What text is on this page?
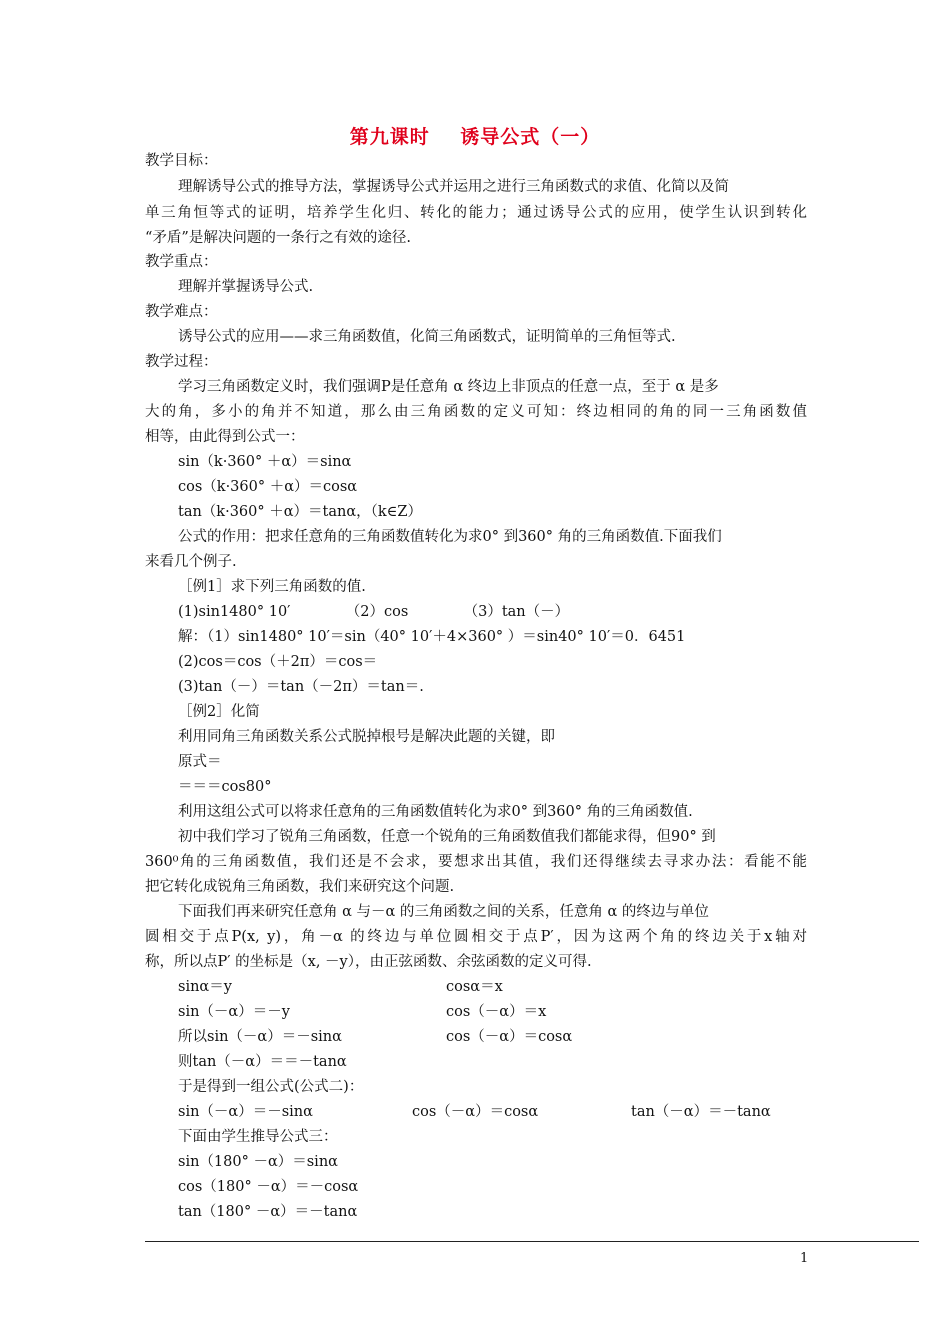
第九课时    诱导公式（一）
教学目标：
理解诱导公式的推导方法，掌握诱导公式并运用之进行三角函数式的求值、化简以及简
单三角恒等式的证明，培养学生化归、转化的能力；通过诱导公式的应用，使学生认识到转化
“矛盾”是解决问题的一条行之有效的途径.
教学重点：
理解并掌握诱导公式.
教学难点：
诱导公式的应用——求三角函数值，化简三角函数式，证明简单的三角恒等式.
教学过程：
学习三角函数定义时，我们强调P是任意角 α 终边上非顶点的任意一点，至于 α 是多
大的角，多小的角并不知道，那么由三角函数的定义可知：终边相同的角的同一三角函数值
相等，由此得到公式一：
sin（k·360° ＋α）＝sinα
cos（k·360° ＋α）＝cosα
tan（k·360° ＋α）＝tanα，（k∈Z）
公式的作用：把求任意角的三角函数值转化为求0° 到360° 角的三角函数值.下面我们
来看几个例子.
［例1］求下列三角函数的值.
(1)sin1480° 10′            （2）cos            （3）tan（－）
解：（1）sin1480° 10′＝sin（40° 10′＋4×360° ）＝sin40° 10′＝0．6451
(2)cos＝cos（＋2π）＝cos＝
(3)tan（－）＝tan（－2π）＝tan＝.
［例2］化简
利用同角三角函数关系公式脱掉根号是解决此题的关键，即
原式＝
＝＝＝cos80°
利用这组公式可以将求任意角的三角函数值转化为求0° 到360° 角的三角函数值.
初中我们学习了锐角三角函数，任意一个锐角的三角函数值我们都能求得，但90° 到
360⁰角的三角函数值，我们还是不会求，要想求出其值，我们还得继续去寻求办法：看能不能
把它转化成锐角三角函数，我们来研究这个问题.
下面我们再来研究任意角 α 与－α 的三角函数之间的关系，任意角 α 的终边与单位
圆相交于点P(x, y)，角－α 的终边与单位圆相交于点P′，因为这两个角的终边关于x轴对
称，所以点P′ 的坐标是（x, －y），由正弦函数、余弦函数的定义可得.
sinα＝y	cosα＝x
sin（－α）＝－y	cos（－α）＝x
所以sin（－α）＝－sinα	cos（－α）＝cosα
则tan（－α）＝＝－tanα
于是得到一组公式(公式二)：
sin（－α）＝－sinα	cos（－α）＝cosα	tan（－α）＝－tanα
下面由学生推导公式三：
sin（180° －α）＝sinα
cos（180° －α）＝－cosα
tan（180° －α）＝－tanα
1
